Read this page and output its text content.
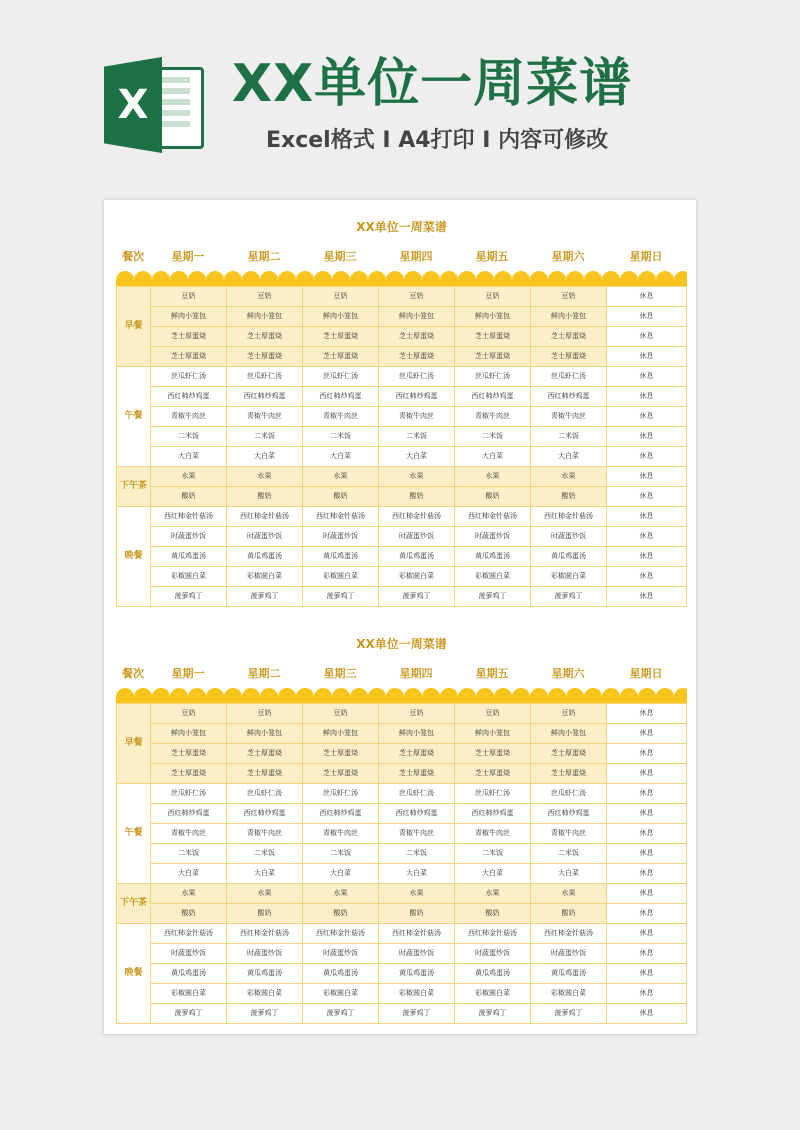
X XX单位一周菜谱
Excel格式 I A4打印 I 内容可修改
XX单位一周菜谱
餐次	星期一	星期二	星期三	星期四	星期五	星期六	星期日
早餐	豆奶	豆奶	豆奶	豆奶	豆奶	豆奶	休息
	鲜肉小笼包	鲜肉小笼包	鲜肉小笼包	鲜肉小笼包	鲜肉小笼包	鲜肉小笼包	休息
	芝士厚蛋烧	芝士厚蛋烧	芝士厚蛋烧	芝士厚蛋烧	芝士厚蛋烧	芝士厚蛋烧	休息
	芝士厚蛋烧	芝士厚蛋烧	芝士厚蛋烧	芝士厚蛋烧	芝士厚蛋烧	芝士厚蛋烧	休息
午餐	丝瓜虾仁汤	丝瓜虾仁汤	丝瓜虾仁汤	丝瓜虾仁汤	丝瓜虾仁汤	丝瓜虾仁汤	休息
	西红柿炒鸡蛋	西红柿炒鸡蛋	西红柿炒鸡蛋	西红柿炒鸡蛋	西红柿炒鸡蛋	西红柿炒鸡蛋	休息
	青椒牛肉丝	青椒牛肉丝	青椒牛肉丝	青椒牛肉丝	青椒牛肉丝	青椒牛肉丝	休息
	二米饭	二米饭	二米饭	二米饭	二米饭	二米饭	休息
	大白菜	大白菜	大白菜	大白菜	大白菜	大白菜	休息
下午茶	水果	水果	水果	水果	水果	水果	休息
	酸奶	酸奶	酸奶	酸奶	酸奶	酸奶	休息
晚餐	西红柿金针菇汤	西红柿金针菇汤	西红柿金针菇汤	西红柿金针菇汤	西红柿金针菇汤	西红柿金针菇汤	休息
	时蔬蛋炒饭	时蔬蛋炒饭	时蔬蛋炒饭	时蔬蛋炒饭	时蔬蛋炒饭	时蔬蛋炒饭	休息
	黄瓜鸡蛋汤	黄瓜鸡蛋汤	黄瓜鸡蛋汤	黄瓜鸡蛋汤	黄瓜鸡蛋汤	黄瓜鸡蛋汤	休息
	彩椒圆白菜	彩椒圆白菜	彩椒圆白菜	彩椒圆白菜	彩椒圆白菜	彩椒圆白菜	休息
	菠萝鸡丁	菠萝鸡丁	菠萝鸡丁	菠萝鸡丁	菠萝鸡丁	菠萝鸡丁	休息
XX单位一周菜谱
餐次	星期一	星期二	星期三	星期四	星期五	星期六	星期日
早餐	豆奶	豆奶	豆奶	豆奶	豆奶	豆奶	休息
	鲜肉小笼包	鲜肉小笼包	鲜肉小笼包	鲜肉小笼包	鲜肉小笼包	鲜肉小笼包	休息
	芝士厚蛋烧	芝士厚蛋烧	芝士厚蛋烧	芝士厚蛋烧	芝士厚蛋烧	芝士厚蛋烧	休息
	芝士厚蛋烧	芝士厚蛋烧	芝士厚蛋烧	芝士厚蛋烧	芝士厚蛋烧	芝士厚蛋烧	休息
午餐	丝瓜虾仁汤	丝瓜虾仁汤	丝瓜虾仁汤	丝瓜虾仁汤	丝瓜虾仁汤	丝瓜虾仁汤	休息
	西红柿炒鸡蛋	西红柿炒鸡蛋	西红柿炒鸡蛋	西红柿炒鸡蛋	西红柿炒鸡蛋	西红柿炒鸡蛋	休息
	青椒牛肉丝	青椒牛肉丝	青椒牛肉丝	青椒牛肉丝	青椒牛肉丝	青椒牛肉丝	休息
	二米饭	二米饭	二米饭	二米饭	二米饭	二米饭	休息
	大白菜	大白菜	大白菜	大白菜	大白菜	大白菜	休息
下午茶	水果	水果	水果	水果	水果	水果	休息
	酸奶	酸奶	酸奶	酸奶	酸奶	酸奶	休息
晚餐	西红柿金针菇汤	西红柿金针菇汤	西红柿金针菇汤	西红柿金针菇汤	西红柿金针菇汤	西红柿金针菇汤	休息
	时蔬蛋炒饭	时蔬蛋炒饭	时蔬蛋炒饭	时蔬蛋炒饭	时蔬蛋炒饭	时蔬蛋炒饭	休息
	黄瓜鸡蛋汤	黄瓜鸡蛋汤	黄瓜鸡蛋汤	黄瓜鸡蛋汤	黄瓜鸡蛋汤	黄瓜鸡蛋汤	休息
	彩椒圆白菜	彩椒圆白菜	彩椒圆白菜	彩椒圆白菜	彩椒圆白菜	彩椒圆白菜	休息
	菠萝鸡丁	菠萝鸡丁	菠萝鸡丁	菠萝鸡丁	菠萝鸡丁	菠萝鸡丁	休息
